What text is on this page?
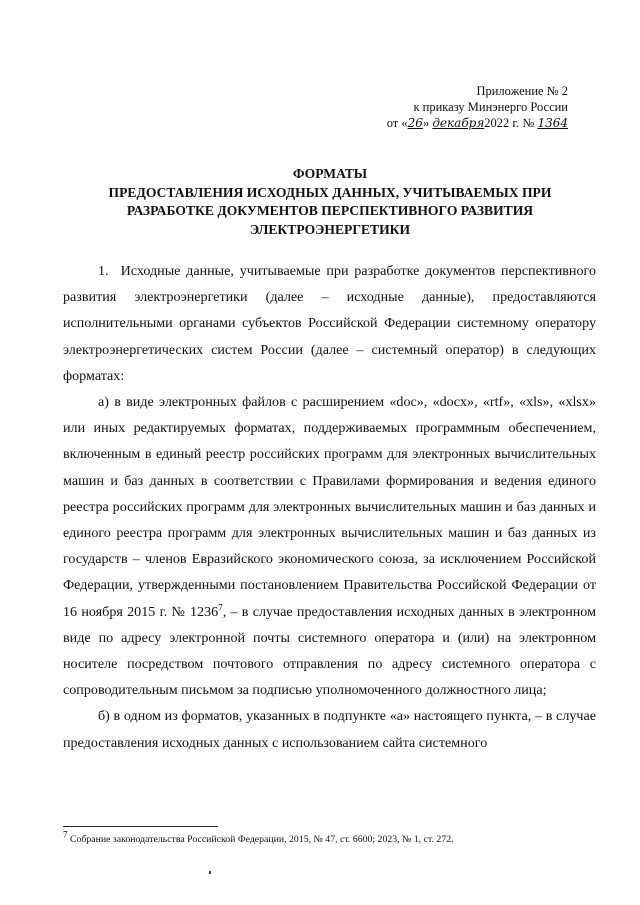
Приложение № 2
к приказу Минэнерго России
от «26» декабря2022 г. № 1364
ФОРМАТЫ
ПРЕДОСТАВЛЕНИЯ ИСХОДНЫХ ДАННЫХ, УЧИТЫВАЕМЫХ ПРИ
РАЗРАБОТКЕ ДОКУМЕНТОВ ПЕРСПЕКТИВНОГО РАЗВИТИЯ
ЭЛЕКТРОЭНЕРГЕТИКИ

1. Исходные данные, учитываемые при разработке документов перспективного развития электроэнергетики (далее – исходные данные), предоставляются исполнительными органами субъектов Российской Федерации системному оператору электроэнергетических систем России (далее – системный оператор) в следующих форматах:

а) в виде электронных файлов с расширением «doc», «docx», «rtf», «xls», «xlsx» или иных редактируемых форматах, поддерживаемых программным обеспечением, включенным в единый реестр российских программ для электронных вычислительных машин и баз данных в соответствии с Правилами формирования и ведения единого реестра российских программ для электронных вычислительных машин и баз данных и единого реестра программ для электронных вычислительных машин и баз данных из государств – членов Евразийского экономического союза, за исключением Российской Федерации, утвержденными постановлением Правительства Российской Федерации от 16 ноября 2015 г. № 1236$^7$, – в случае предоставления исходных данных в электронном виде по адресу электронной почты системного оператора и (или) на электронном носителе посредством почтового отправления по адресу системного оператора с сопроводительным письмом за подписью уполномоченного должностного лица;

б) в одном из форматов, указанных в подпункте «а» настоящего пункта, – в случае предоставления исходных данных с использованием сайта системного

$^7$ Собрание законодательства Российской Федерации, 2015, № 47, ст. 6600; 2023, № 1, ст. 272.
